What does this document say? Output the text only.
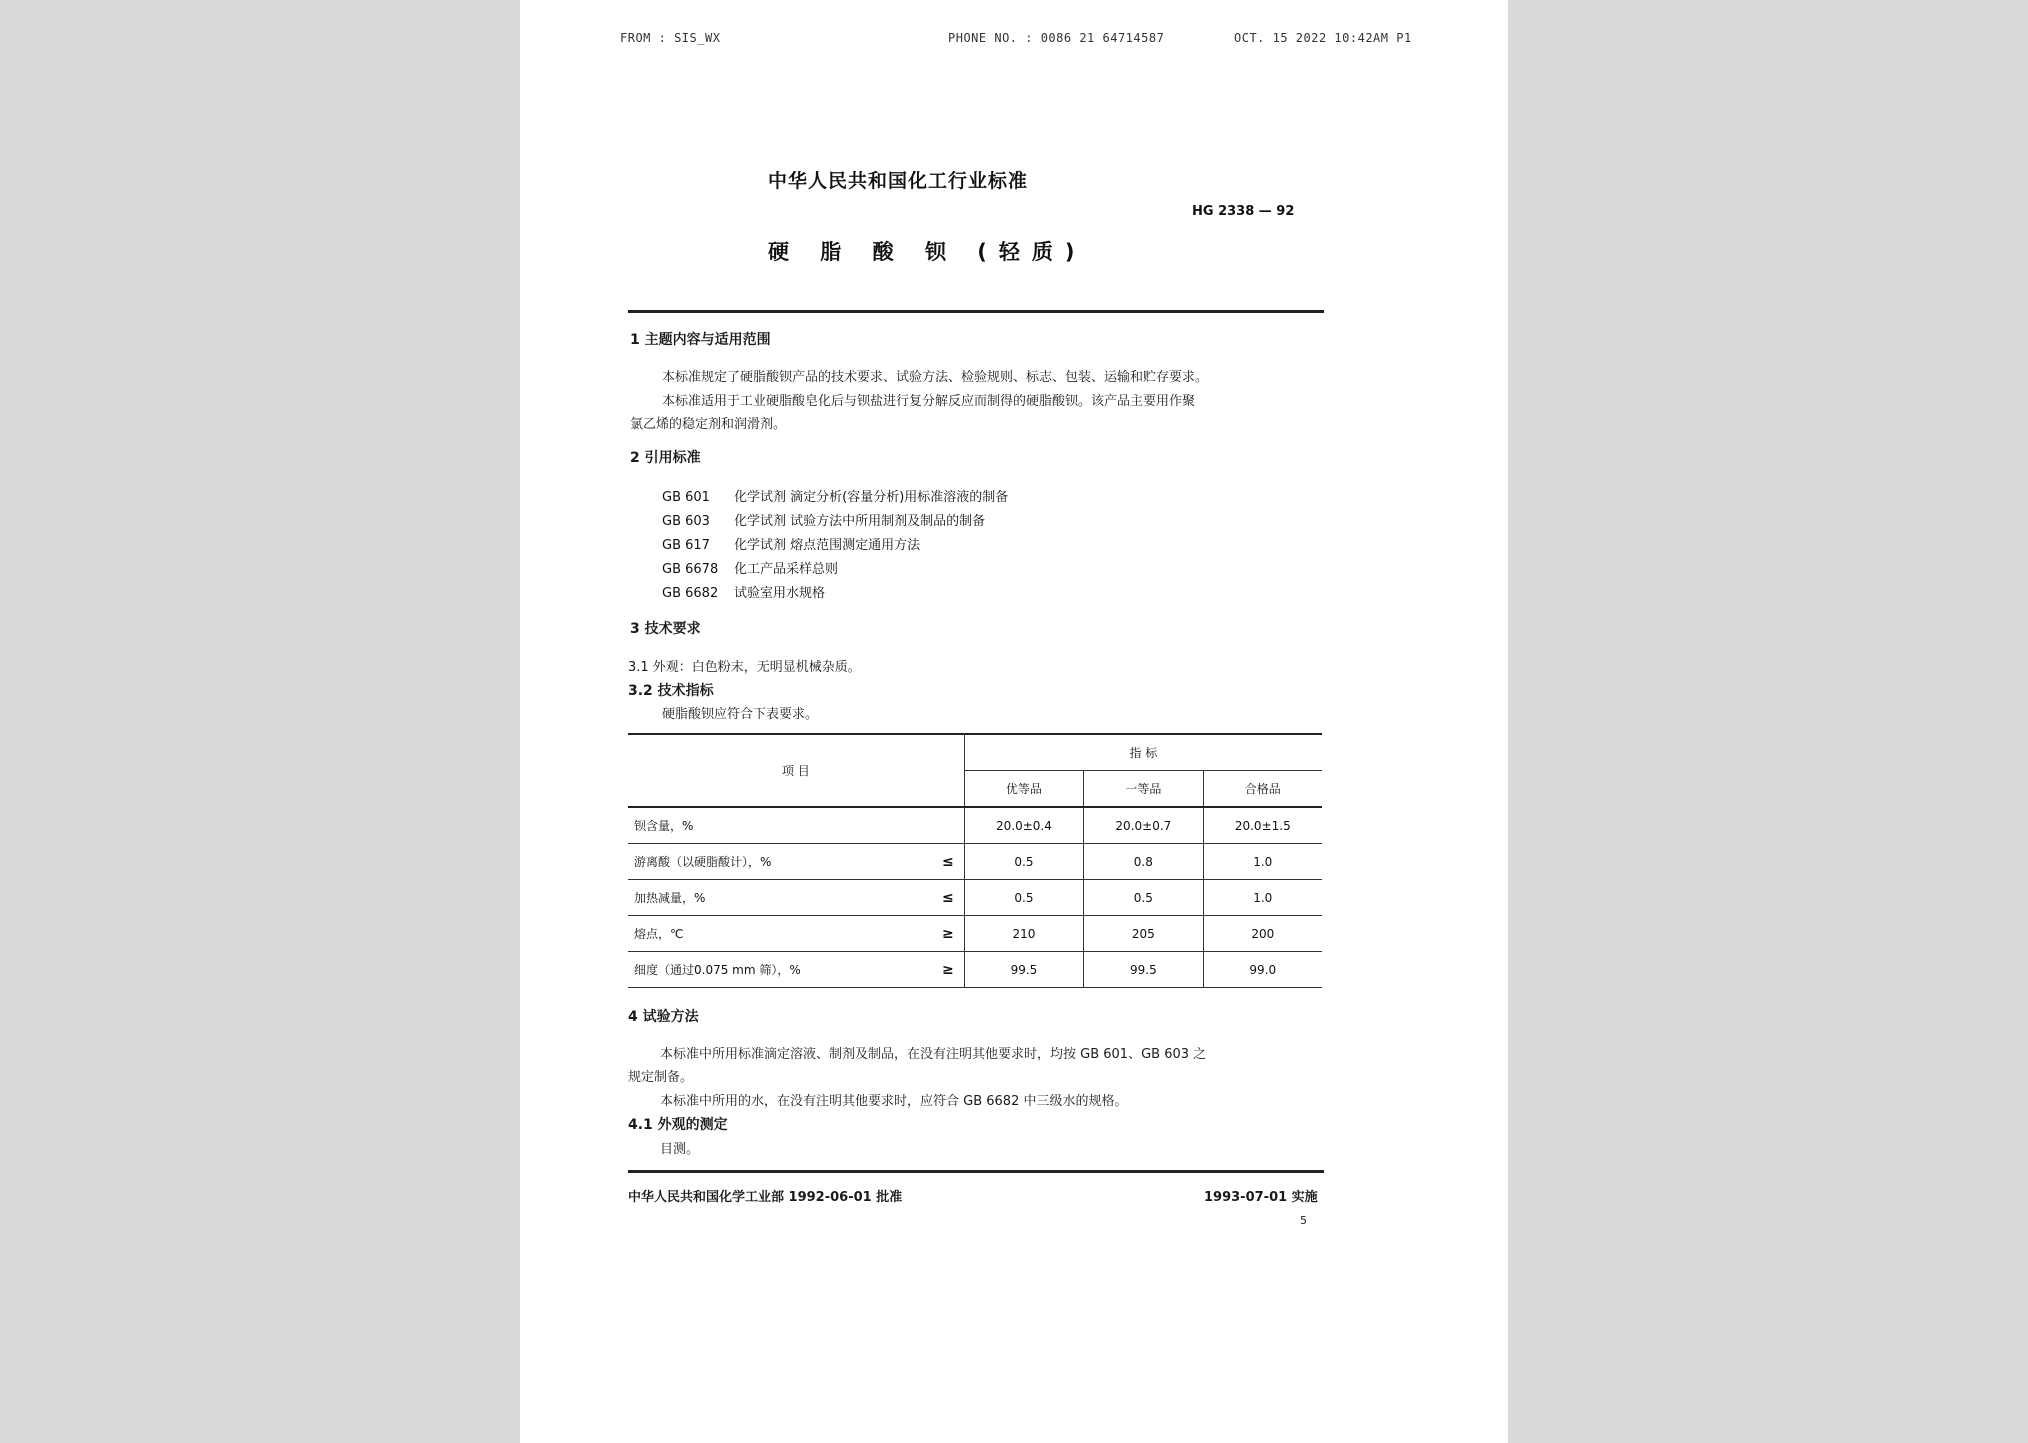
FROM : SIS_WX	PHONE NO. : 0086 21 64714587	OCT. 15 2022 10:42AM P1
中华人民共和国化工行业标准
HG 2338 — 92
硬 脂 酸 钡 (轻质)
1 主题内容与适用范围
本标准规定了硬脂酸钡产品的技术要求、试验方法、检验规则、标志、包装、运输和贮存要求。
本标准适用于工业硬脂酸皂化后与钡盐进行复分解反应而制得的硬脂酸钡。该产品主要用作聚
氯乙烯的稳定剂和润滑剂。
2 引用标准
GB 601 化学试剂 滴定分析(容量分析)用标准溶液的制备
GB 603 化学试剂 试验方法中所用制剂及制品的制备
GB 617 化学试剂 熔点范围测定通用方法
GB 6678 化工产品采样总则
GB 6682 试验室用水规格
3 技术要求
3.1 外观：白色粉末，无明显机械杂质。
3.2 技术指标
硬脂酸钡应符合下表要求。
项 目		指 标		
		优等品	一等品	合格品
钡含量，%		20.0±0.4	20.0±0.7	20.0±1.5
游离酸（以硬脂酸计），%	≤	0.5	0.8	1.0
加热减量，%	≤	0.5	0.5	1.0
熔点，℃	≥	210	205	200
细度（通过0.075 mm 筛），%	≥	99.5	99.5	99.0
4 试验方法
本标准中所用标准滴定溶液、制剂及制品，在没有注明其他要求时，均按 GB 601、GB 603 之
规定制备。
本标准中所用的水，在没有注明其他要求时，应符合 GB 6682 中三级水的规格。
4.1 外观的测定
目测。
中华人民共和国化学工业部 1992-06-01 批准	1993-07-01 实施
5
